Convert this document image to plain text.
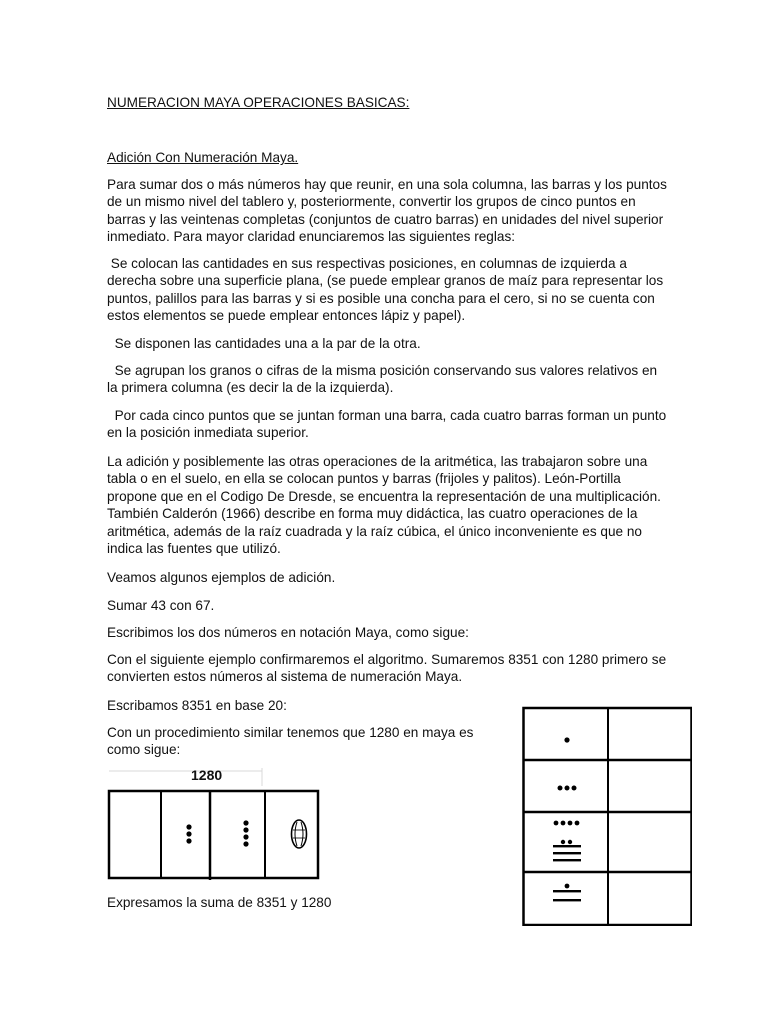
NUMERACION MAYA OPERACIONES BASICAS:

Adición Con Numeración Maya.

Para sumar dos o más números hay que reunir, en una sola columna, las barras y los puntos de un mismo nivel del tablero y, posteriormente, convertir los grupos de cinco puntos en barras y las veintenas completas (conjuntos de cuatro barras) en unidades del nivel superior inmediato. Para mayor claridad enunciaremos las siguientes reglas:

Se colocan las cantidades en sus respectivas posiciones, en columnas de izquierda a derecha sobre una superficie plana, (se puede emplear granos de maíz para representar los puntos, palillos para las barras y si es posible una concha para el cero, si no se cuenta con estos elementos se puede emplear entonces lápiz y papel).

Se disponen las cantidades una a la par de la otra.

Se agrupan los granos o cifras de la misma posición conservando sus valores relativos en la primera columna (es decir la de la izquierda).

Por cada cinco puntos que se juntan forman una barra, cada cuatro barras forman un punto en la posición inmediata superior.

La adición y posiblemente las otras operaciones de la aritmética, las trabajaron sobre una tabla o en el suelo, en ella se colocan puntos y barras (frijoles y palitos). León-Portilla propone que en el Codigo De Dresde, se encuentra la representación de una multiplicación. También Calderón (1966) describe en forma muy didáctica, las cuatro operaciones de la aritmética, además de la raíz cuadrada y la raíz cúbica, el único inconveniente es que no indica las fuentes que utilizó.

Veamos algunos ejemplos de adición.

Sumar 43 con 67.

Escribimos los dos números en notación Maya, como sigue:

Con el siguiente ejemplo confirmaremos el algoritmo. Sumaremos 8351 con 1280 primero se convierten estos números al sistema de numeración Maya.

Escribamos 8351 en base 20:

Con un procedimiento similar tenemos que 1280 en maya es como sigue:

1280

Expresamos la suma de 8351 y 1280
